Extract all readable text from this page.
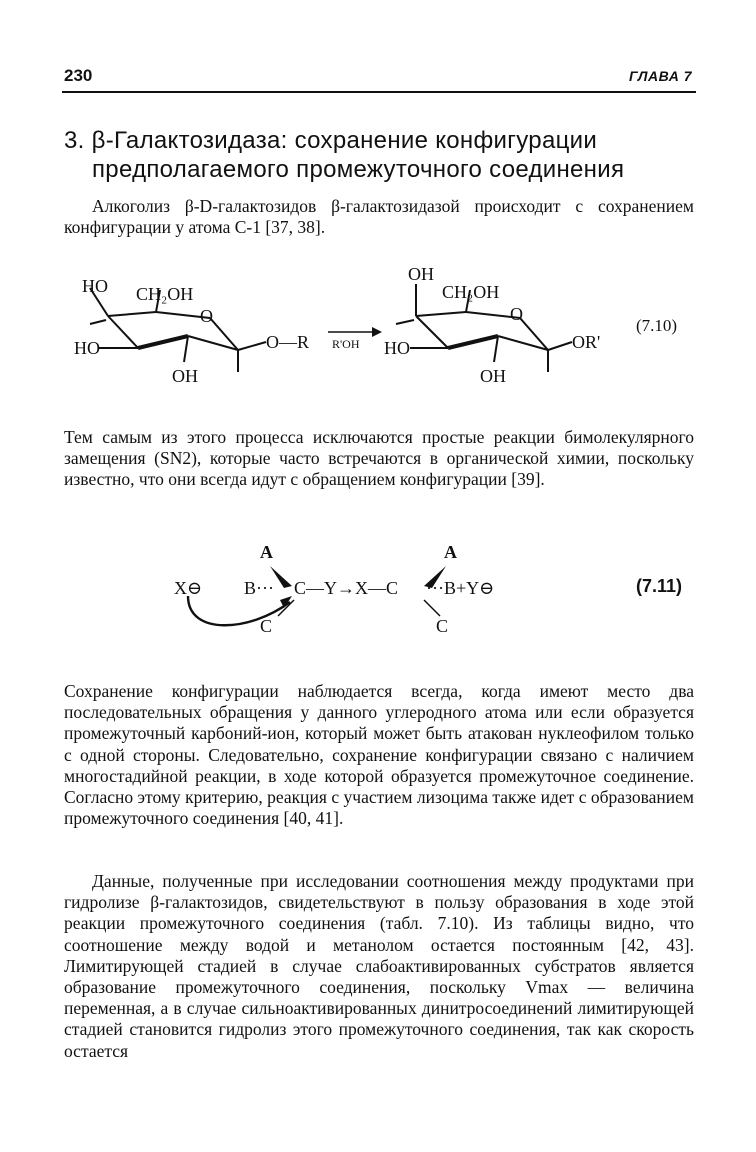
230	ГЛАВА 7
3. β-Галактозидаза: сохранение конфигурации
предполагаемого промежуточного соединения
Алкоголиз β-D-галактозидов β-галактозидазой происходит с сохранением конфигурации у атома С-1 [37, 38].
HO CH₂OH
O
HO
OH
O—R R'OH
OH
CH₂OH
O
HO
OH
OR'
(7.10)
Тем самым из этого процесса исключаются простые реакции бимолекулярного замещения (SN2), которые часто встречаются в органической химии, поскольку известно, что они всегда идут с обращением конфигурации [39].
A
X⊖ B··· C—Y→X—C
C
A
···B+Y⊖
C
(7.11)
Сохранение конфигурации наблюдается всегда, когда имеют место два последовательных обращения у данного углеродного атома или если образуется промежуточный карбоний-ион, который может быть атакован нуклеофилом только с одной стороны. Следовательно, сохранение конфигурации связано с наличием многостадийной реакции, в ходе которой образуется промежуточное соединение. Согласно этому критерию, реакция с участием лизоцима также идет с образованием промежуточного соединения [40, 41].
Данные, полученные при исследовании соотношения между продуктами при гидролизе β-галактозидов, свидетельствуют в пользу образования в ходе этой реакции промежуточного соединения (табл. 7.10). Из таблицы видно, что соотношение между водой и метанолом остается постоянным [42, 43]. Лимитирующей стадией в случае слабоактивированных субстратов является образование промежуточного соединения, поскольку Vmax — величина переменная, а в случае сильноактивированных динитросоединений лимитирующей стадией становится гидролиз этого промежуточного соединения, так как скорость остается
